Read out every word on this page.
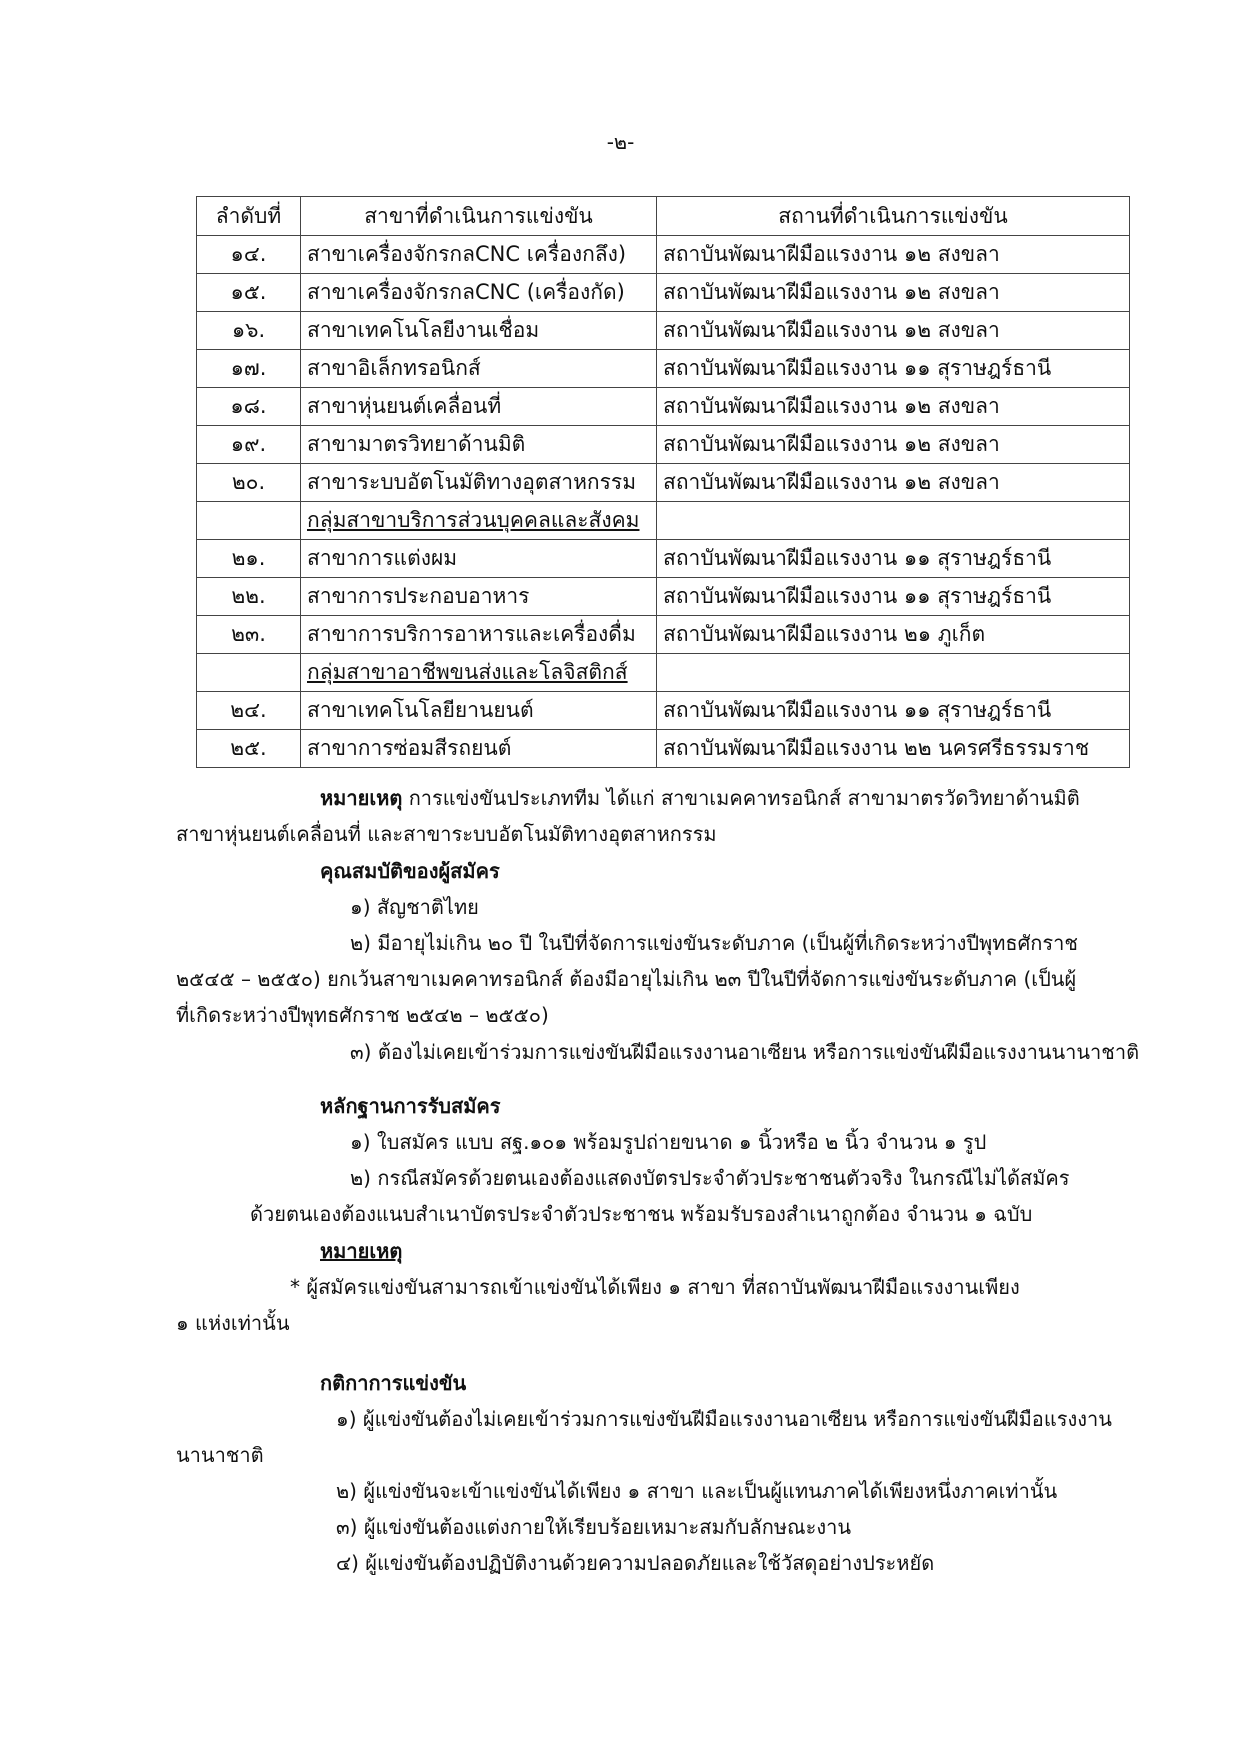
-๒-
ลำดับที่	สาขาที่ดำเนินการแข่งขัน	สถานที่ดำเนินการแข่งขัน
๑๔.	สาขาเครื่องจักรกลCNC เครื่องกลึง)	สถาบันพัฒนาฝีมือแรงงาน ๑๒ สงขลา
๑๕.	สาขาเครื่องจักรกลCNC (เครื่องกัด)	สถาบันพัฒนาฝีมือแรงงาน ๑๒ สงขลา
๑๖.	สาขาเทคโนโลยีงานเชื่อม	สถาบันพัฒนาฝีมือแรงงาน ๑๒ สงขลา
๑๗.	สาขาอิเล็กทรอนิกส์	สถาบันพัฒนาฝีมือแรงงาน ๑๑ สุราษฎร์ธานี
๑๘.	สาขาหุ่นยนต์เคลื่อนที่	สถาบันพัฒนาฝีมือแรงงาน ๑๒ สงขลา
๑๙.	สาขามาตรวิทยาด้านมิติ	สถาบันพัฒนาฝีมือแรงงาน ๑๒ สงขลา
๒๐.	สาขาระบบอัตโนมัติทางอุตสาหกรรม	สถาบันพัฒนาฝีมือแรงงาน ๑๒ สงขลา
	กลุ่มสาขาบริการส่วนบุคคลและสังคม	
๒๑.	สาขาการแต่งผม	สถาบันพัฒนาฝีมือแรงงาน ๑๑ สุราษฎร์ธานี
๒๒.	สาขาการประกอบอาหาร	สถาบันพัฒนาฝีมือแรงงาน ๑๑ สุราษฎร์ธานี
๒๓.	สาขาการบริการอาหารและเครื่องดื่ม	สถาบันพัฒนาฝีมือแรงงาน ๒๑ ภูเก็ต
	กลุ่มสาขาอาชีพขนส่งและโลจิสติกส์	
๒๔.	สาขาเทคโนโลยียานยนต์	สถาบันพัฒนาฝีมือแรงงาน ๑๑ สุราษฎร์ธานี
๒๕.	สาขาการซ่อมสีรถยนต์	สถาบันพัฒนาฝีมือแรงงาน ๒๒ นครศรีธรรมราช
หมายเหตุ การแข่งขันประเภททีม ได้แก่ สาขาเมคคาทรอนิกส์ สาขามาตรวัดวิทยาด้านมิติ
สาขาหุ่นยนต์เคลื่อนที่ และสาขาระบบอัตโนมัติทางอุตสาหกรรม
คุณสมบัติของผู้สมัคร
๑) สัญชาติไทย
๒) มีอายุไม่เกิน ๒๐ ปี ในปีที่จัดการแข่งขันระดับภาค (เป็นผู้ที่เกิดระหว่างปีพุทธศักราช
๒๕๔๕ – ๒๕๕๐) ยกเว้นสาขาเมคคาทรอนิกส์ ต้องมีอายุไม่เกิน ๒๓ ปีในปีที่จัดการแข่งขันระดับภาค (เป็นผู้
ที่เกิดระหว่างปีพุทธศักราช ๒๕๔๒ – ๒๕๕๐)
๓) ต้องไม่เคยเข้าร่วมการแข่งขันฝีมือแรงงานอาเซียน หรือการแข่งขันฝีมือแรงงานนานาชาติ
หลักฐานการรับสมัคร
๑) ใบสมัคร แบบ สฐ.๑๐๑ พร้อมรูปถ่ายขนาด ๑ นิ้วหรือ ๒ นิ้ว จำนวน ๑ รูป
๒) กรณีสมัครด้วยตนเองต้องแสดงบัตรประจำตัวประชาชนตัวจริง ในกรณีไม่ได้สมัคร
ด้วยตนเองต้องแนบสำเนาบัตรประจำตัวประชาชน พร้อมรับรองสำเนาถูกต้อง จำนวน ๑ ฉบับ
หมายเหตุ
* ผู้สมัครแข่งขันสามารถเข้าแข่งขันได้เพียง ๑ สาขา ที่สถาบันพัฒนาฝีมือแรงงานเพียง
๑ แห่งเท่านั้น
กติกาการแข่งขัน
๑) ผู้แข่งขันต้องไม่เคยเข้าร่วมการแข่งขันฝีมือแรงงานอาเซียน หรือการแข่งขันฝีมือแรงงาน
นานาชาติ
๒) ผู้แข่งขันจะเข้าแข่งขันได้เพียง ๑ สาขา และเป็นผู้แทนภาคได้เพียงหนึ่งภาคเท่านั้น
๓) ผู้แข่งขันต้องแต่งกายให้เรียบร้อยเหมาะสมกับลักษณะงาน
๔) ผู้แข่งขันต้องปฏิบัติงานด้วยความปลอดภัยและใช้วัสดุอย่างประหยัด
